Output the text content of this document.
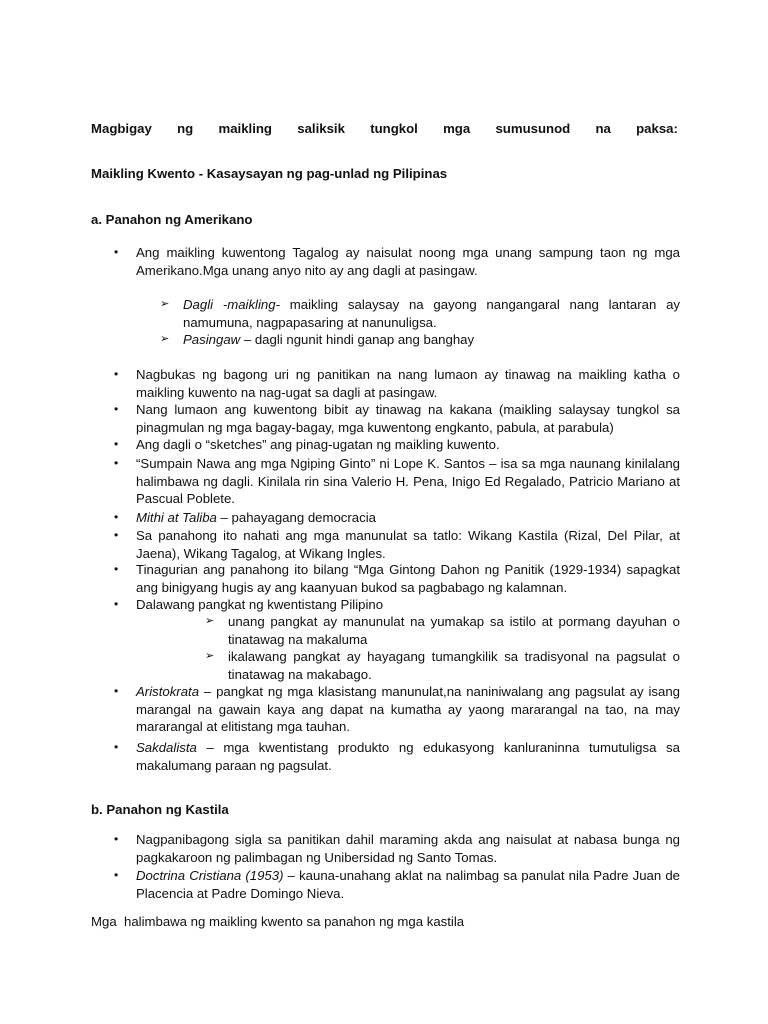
Magbigay ng maikling saliksik tungkol mga sumusunod na paksa:
Maikling Kwento - Kasaysayan ng pag-unlad ng Pilipinas
a. Panahon ng Amerikano
•	Ang maikling kuwentong Tagalog ay naisulat noong mga unang sampung taon ng mga Amerikano.Mga unang anyo nito ay ang dagli at pasingaw.
➢	Dagli -maikling- maikling salaysay na gayong nangangaral nang lantaran ay namumuna, nagpapasaring at nanunuligsa.
➢	Pasingaw – dagli ngunit hindi ganap ang banghay
•	Nagbukas ng bagong uri ng panitikan na nang lumaon ay tinawag na maikling katha o maikling kuwento na nag-ugat sa dagli at pasingaw.
•	Nang lumaon ang kuwentong bibit ay tinawag na kakana (maikling salaysay tungkol sa pinagmulan ng mga bagay-bagay, mga kuwentong engkanto, pabula, at parabula)
•	Ang dagli o “sketches” ang pinag-ugatan ng maikling kuwento.
•	“Sumpain Nawa ang mga Ngiping Ginto” ni Lope K. Santos – isa sa mga naunang kinilalang halimbawa ng dagli. Kinilala rin sina Valerio H. Pena, Inigo Ed Regalado, Patricio Mariano at Pascual Poblete.
•	Mithi at Taliba – pahayagang democracia
•	Sa panahong ito nahati ang mga manunulat sa tatlo: Wikang Kastila (Rizal, Del Pilar, at Jaena), Wikang Tagalog, at Wikang Ingles.
•	Tinagurian ang panahong ito bilang “Mga Gintong Dahon ng Panitik (1929-1934) sapagkat ang binigyang hugis ay ang kaanyuan bukod sa pagbabago ng kalamnan.
•	Dalawang pangkat ng kwentistang Pilipino
➢	unang pangkat ay manunulat na yumakap sa istilo at pormang dayuhan o tinatawag na makaluma
➢	ikalawang pangkat ay hayagang tumangkilik sa tradisyonal na pagsulat o tinatawag na makabago.
•	Aristokrata – pangkat ng mga klasistang manunulat,na naniniwalang ang pagsulat ay isang marangal na gawain kaya ang dapat na kumatha ay yaong mararangal na tao, na may mararangal at elitistang mga tauhan.
•	Sakdalista – mga kwentistang produkto ng edukasyong kanluraninna tumutuligsa sa makalumang paraan ng pagsulat.
b. Panahon ng Kastila
•	Nagpanibagong sigla sa panitikan dahil maraming akda ang naisulat at nabasa bunga ng pagkakaroon ng palimbagan ng Unibersidad ng Santo Tomas.
•	Doctrina Cristiana (1953) – kauna-unahang aklat na nalimbag sa panulat nila Padre Juan de Placencia at Padre Domingo Nieva.
Mga  halimbawa ng maikling kwento sa panahon ng mga kastila
